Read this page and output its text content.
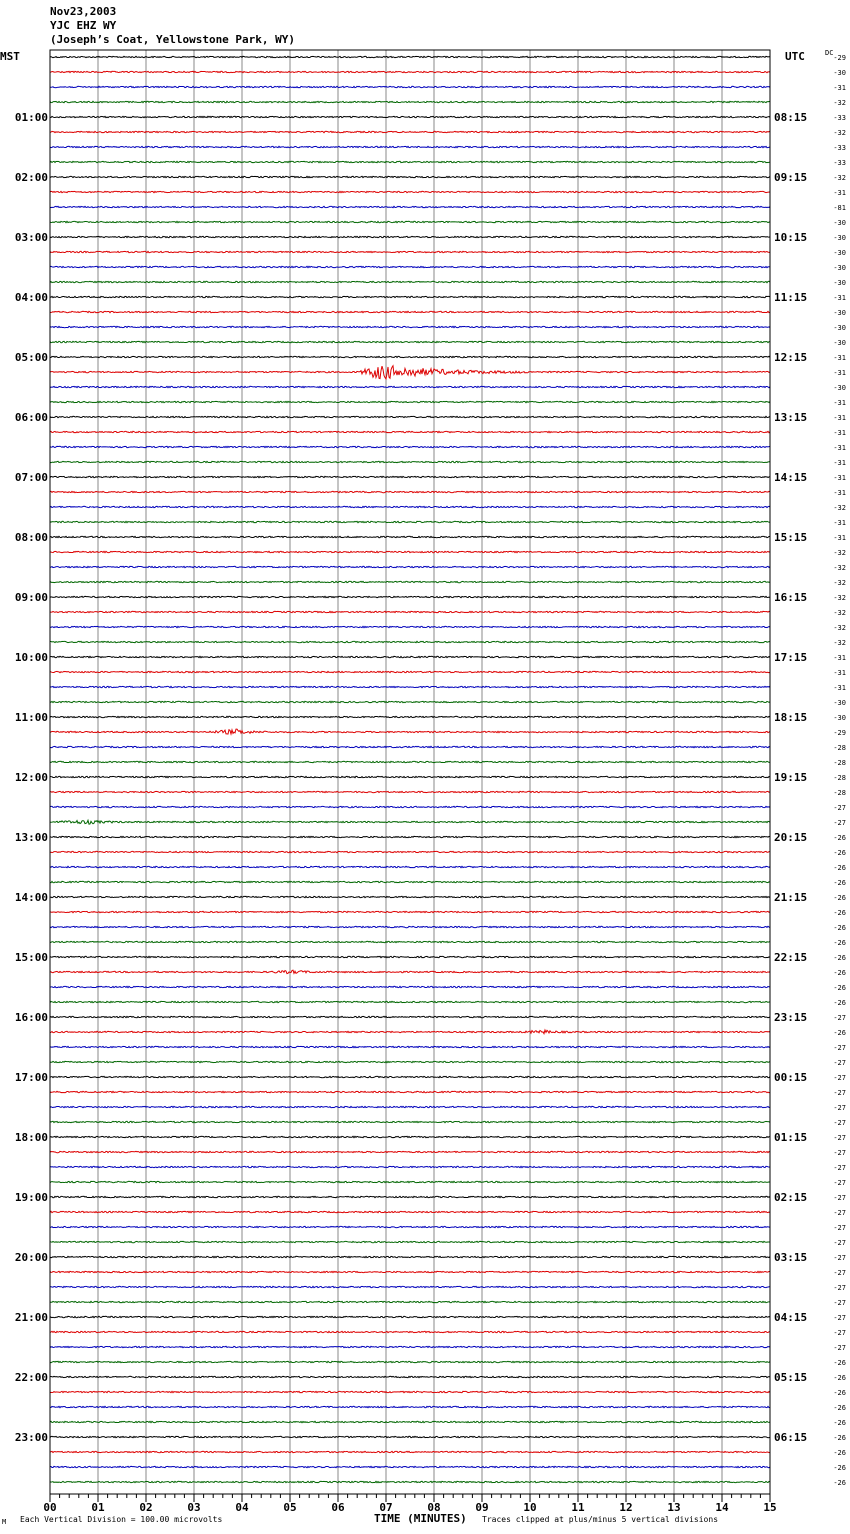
Nov23,2003
YJC EHZ WY
(Joseph’s Coat, Yellowstone Park, WY)
MST	UTC	DC
01:00
02:00
03:00
04:00
05:00
06:00
07:00
08:00
09:00
10:00
11:00
12:00
13:00
14:00
15:00
16:00
17:00
18:00
19:00
20:00
21:00
22:00
23:00
08:15
09:15
10:15
11:15
12:15
13:15
14:15
15:15
16:15
17:15
18:15
19:15
20:15
21:15
22:15
23:15
00:15
01:15
02:15
03:15
04:15
05:15
06:15
-29
-30
-31
-32
-33
-32
-33
-33
-32
-31
-81
-30
-30
-30
-30
-30
-31
-30
-30
-30
-31
-31
-30
-31
-31
-31
-31
-31
-31
-31
-32
-31
-31
-32
-32
-32
-32
-32
-32
-32
-31
-31
-31
-30
-30
-29
-28
-28
-28
-28
-27
-27
-26
-26
-26
-26
-26
-26
-26
-26
-26
-26
-26
-26
-27
-26
-27
-27
-27
-27
-27
-27
-27
-27
-27
-27
-27
-27
-27
-27
-27
-27
-27
-27
-27
-27
-27
-26
-26
-26
-26
-26
-26
-26
-26
-26
00	01	02	03	04	05	06	07	08	09	10	11	12	13	14	15
TIME (MINUTES)
M Each Vertical Division = 100.00 microvolts	Traces clipped at plus/minus 5 vertical divisions
